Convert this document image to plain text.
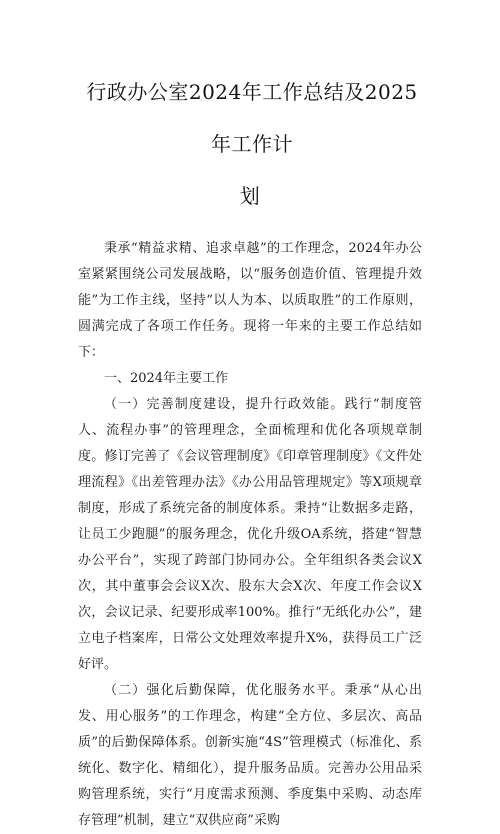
行政办公室2024年工作总结及2025年工作计
划

秉承“精益求精、追求卓越”的工作理念，2024年办公室紧紧围绕公司发展战略，以“服务创造价值、管理提升效能”为工作主线，坚持“以人为本、以质取胜”的工作原则，圆满完成了各项工作任务。现将一年来的主要工作总结如下：

一、2024年主要工作

（一）完善制度建设，提升行政效能。践行“制度管人、流程办事”的管理理念，全面梳理和优化各项规章制度。修订完善了《会议管理制度》《印章管理制度》《文件处理流程》《出差管理办法》《办公用品管理规定》等X项规章制度，形成了系统完备的制度体系。秉持“让数据多走路，让员工少跑腿”的服务理念，优化升级OA系统，搭建“智慧办公平台”，实现了跨部门协同办公。全年组织各类会议X次，其中董事会会议X次、股东大会X次、年度工作会议X次，会议记录、纪要形成率100%。推行“无纸化办公”，建立电子档案库，日常公文处理效率提升X%，获得员工广泛好评。

（二）强化后勤保障，优化服务水平。秉承“从心出发、用心服务”的工作理念，构建“全方位、多层次、高品质”的后勤保障体系。创新实施“4S”管理模式（标准化、系统化、数字化、精细化），提升服务品质。完善办公用品采购管理系统，实行“月度需求预测、季度集中采购、动态库存管理”机制，建立“双供应商”采购
